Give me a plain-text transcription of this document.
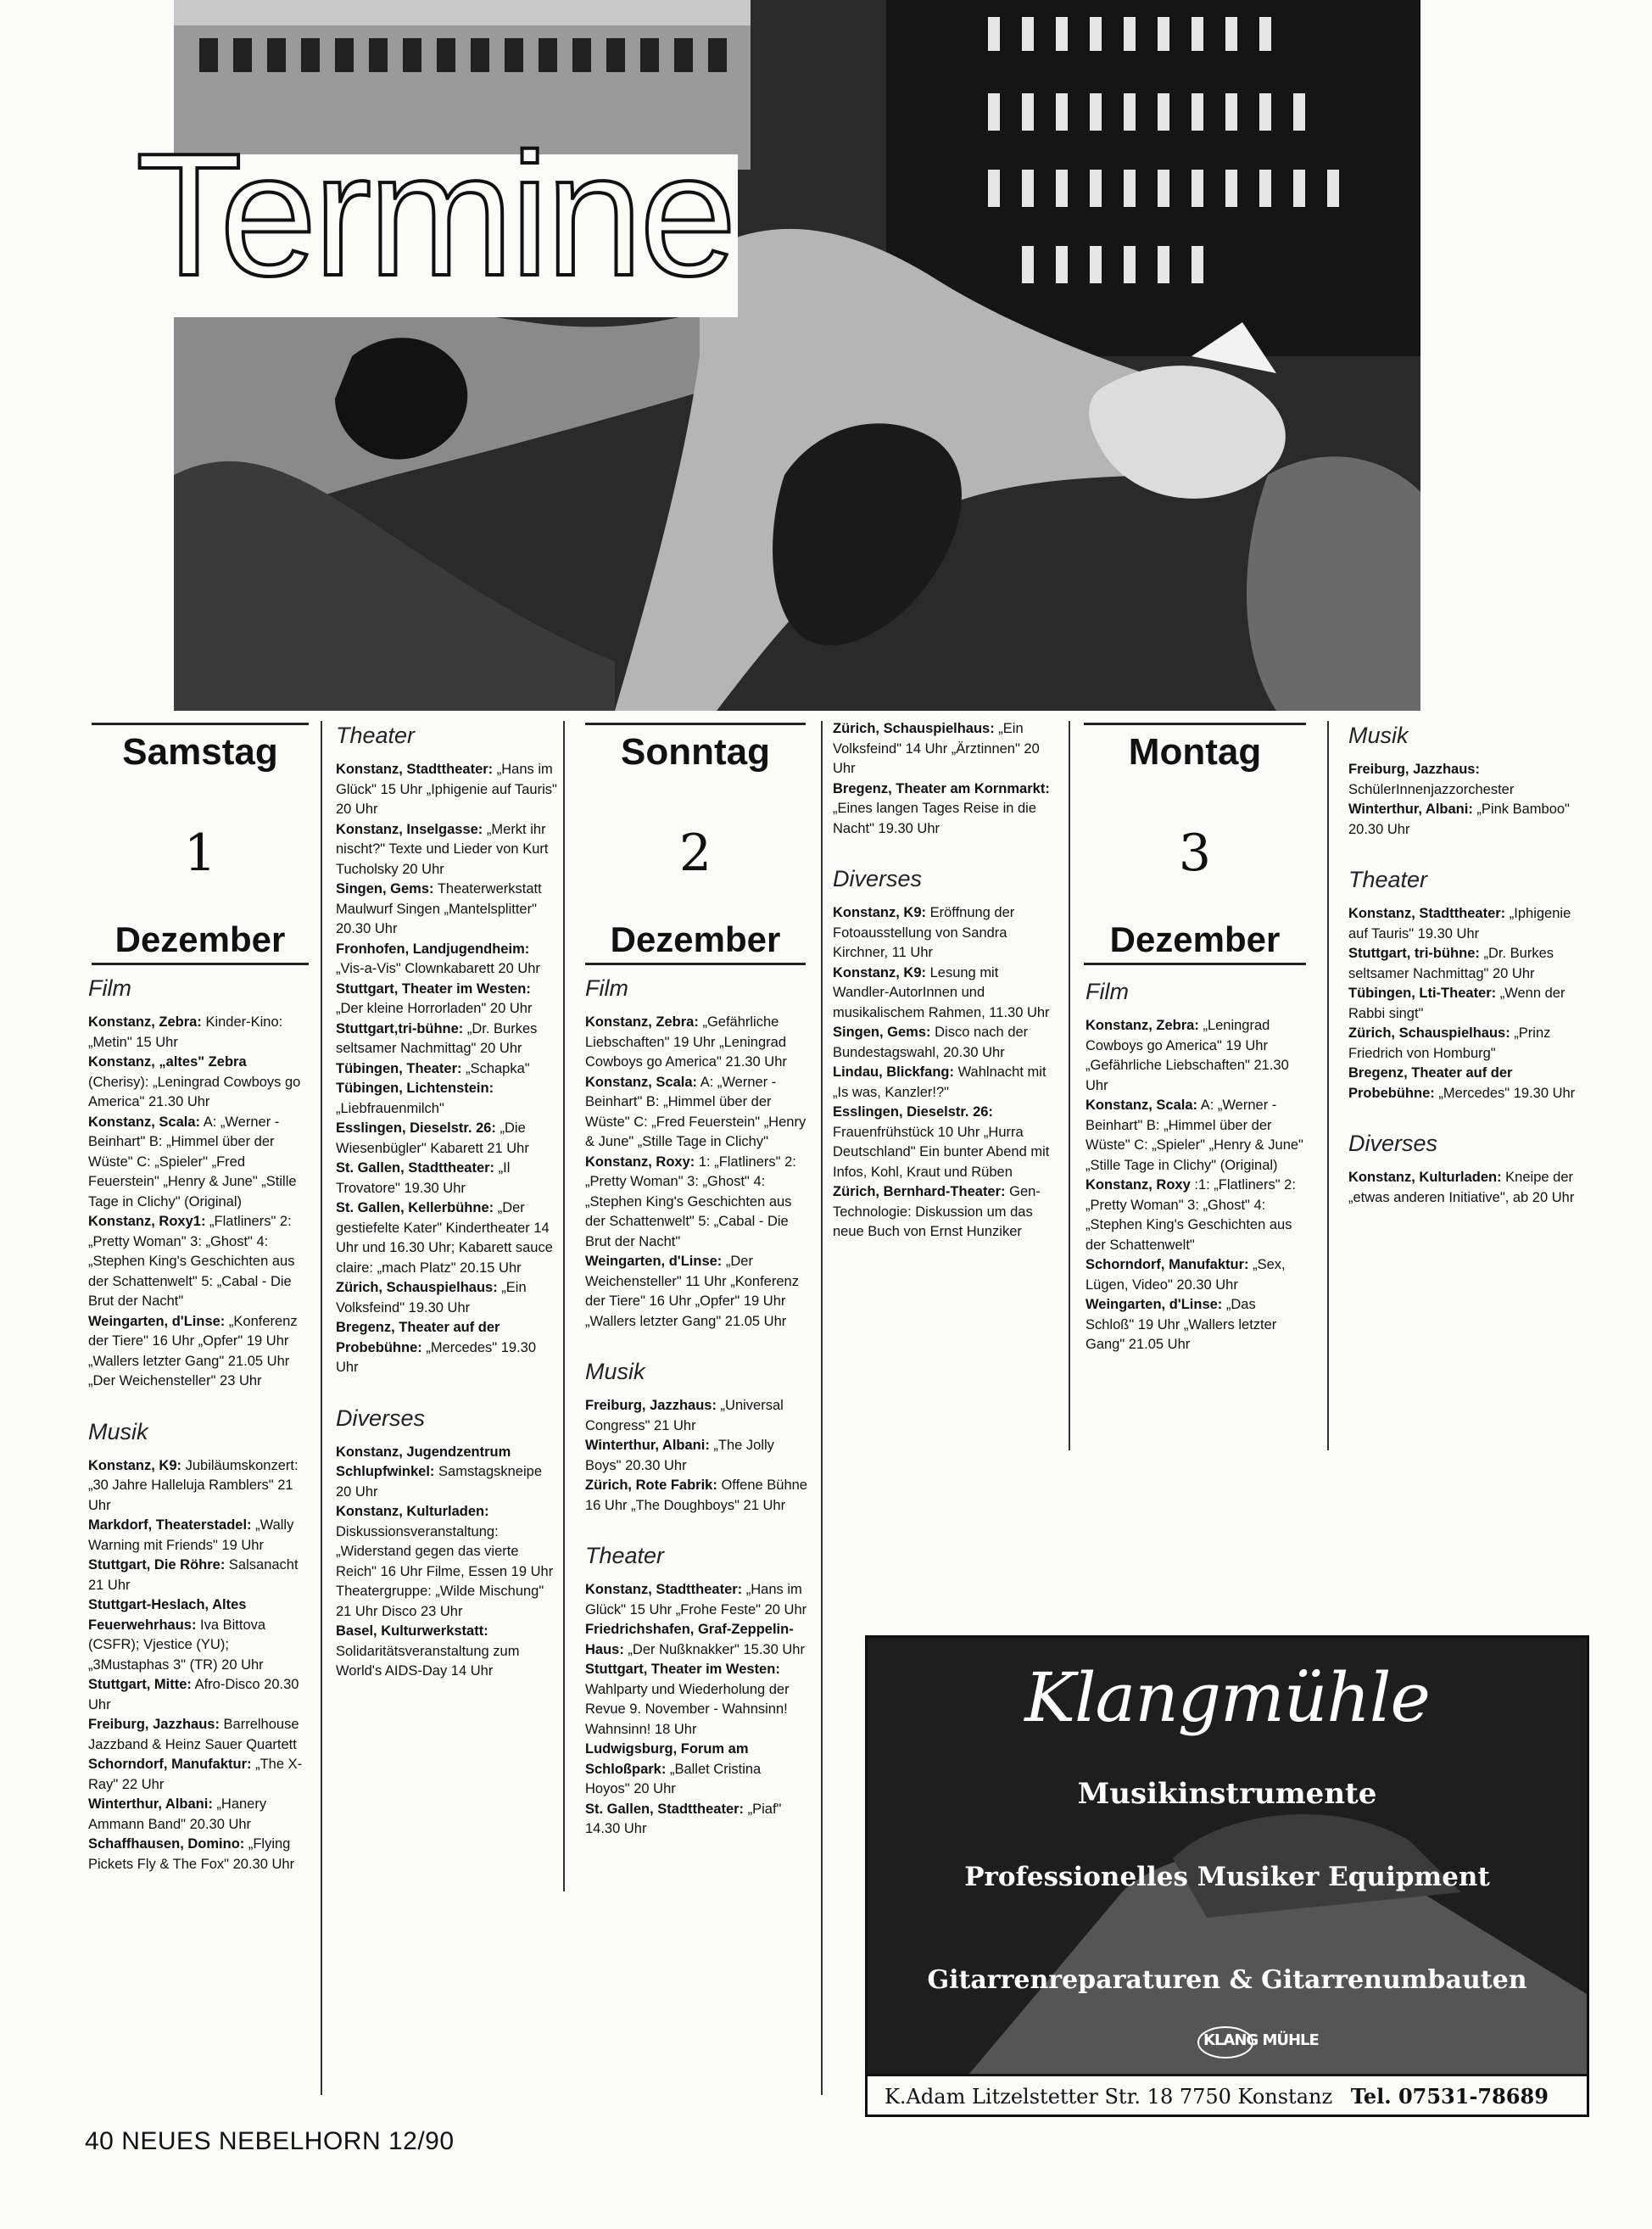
Termine
Samstag
1
Dezember
Sonntag
2
Dezember
Montag
3
Dezember
Film

Konstanz, Zebra: Kinder-Kino: „Metin" 15 Uhr

Konstanz, „altes" Zebra (Cherisy): „Leningrad Cowboys go America" 21.30 Uhr

Konstanz, Scala: A: „Werner - Beinhart" B: „Himmel über der Wüste" C: „Spieler" „Fred Feuerstein" „Henry & June" „Stille Tage in Clichy" (Original)

Konstanz, Roxy1: „Flatliners" 2: „Pretty Woman" 3: „Ghost" 4: „Stephen King's Geschichten aus der Schattenwelt" 5: „Cabal - Die Brut der Nacht"

Weingarten, d'Linse: „Konferenz der Tiere" 16 Uhr „Opfer" 19 Uhr „Wallers letzter Gang" 21.05 Uhr „Der Weichensteller" 23 Uhr

Musik

Konstanz, K9: Jubiläumskonzert: „30 Jahre Halleluja Ramblers" 21 Uhr

Markdorf, Theaterstadel: „Wally Warning mit Friends" 19 Uhr

Stuttgart, Die Röhre: Salsanacht 21 Uhr

Stuttgart-Heslach, Altes Feuerwehrhaus: Iva Bittova (CSFR); Vjestice (YU); „3Mustaphas 3" (TR) 20 Uhr

Stuttgart, Mitte: Afro-Disco 20.30 Uhr

Freiburg, Jazzhaus: Barrelhouse Jazzband & Heinz Sauer Quartett

Schorndorf, Manufaktur: „The X-Ray" 22 Uhr

Winterthur, Albani: „Hanery Ammann Band" 20.30 Uhr

Schaffhausen, Domino: „Flying Pickets Fly & The Fox" 20.30 Uhr

Theater

Konstanz, Stadttheater: „Hans im Glück" 15 Uhr „Iphigenie auf Tauris" 20 Uhr

Konstanz, Inselgasse: „Merkt ihr nischt?" Texte und Lieder von Kurt Tucholsky 20 Uhr

Singen, Gems: Theaterwerkstatt Maulwurf Singen „Mantelsplitter" 20.30 Uhr

Fronhofen, Landjugendheim: „Vis-a-Vis" Clownkabarett 20 Uhr

Stuttgart, Theater im Westen: „Der kleine Horrorladen" 20 Uhr

Stuttgart,tri-bühne: „Dr. Burkes seltsamer Nachmittag" 20 Uhr

Tübingen, Theater: „Schapka"

Tübingen, Lichtenstein: „Liebfrauenmilch"

Esslingen, Dieselstr. 26: „Die Wiesenbügler" Kabarett 21 Uhr

St. Gallen, Stadttheater: „Il Trovatore" 19.30 Uhr

St. Gallen, Kellerbühne: „Der gestiefelte Kater" Kindertheater 14 Uhr und 16.30 Uhr; Kabarett sauce claire: „mach Platz" 20.15 Uhr

Zürich, Schauspielhaus: „Ein Volksfeind" 19.30 Uhr

Bregenz, Theater auf der Probebühne: „Mercedes" 19.30 Uhr

Diverses

Konstanz, Jugendzentrum Schlupfwinkel: Samstagskneipe 20 Uhr

Konstanz, Kulturladen: Diskussionsveranstaltung: „Widerstand gegen das vierte Reich" 16 Uhr Filme, Essen 19 Uhr Theatergruppe: „Wilde Mischung" 21 Uhr Disco 23 Uhr

Basel, Kulturwerkstatt: Solidaritätsveranstaltung zum World's AIDS-Day 14 Uhr

Film

Konstanz, Zebra: „Gefährliche Liebschaften" 19 Uhr „Leningrad Cowboys go America" 21.30 Uhr

Konstanz, Scala: A: „Werner - Beinhart" B: „Himmel über der Wüste" C: „Fred Feuerstein" „Henry & June" „Stille Tage in Clichy"

Konstanz, Roxy: 1: „Flatliners" 2: „Pretty Woman" 3: „Ghost" 4: „Stephen King's Geschichten aus der Schattenwelt" 5: „Cabal - Die Brut der Nacht"

Weingarten, d'Linse: „Der Weichensteller" 11 Uhr „Konferenz der Tiere" 16 Uhr „Opfer" 19 Uhr „Wallers letzter Gang" 21.05 Uhr

Musik

Freiburg, Jazzhaus: „Universal Congress" 21 Uhr

Winterthur, Albani: „The Jolly Boys" 20.30 Uhr

Zürich, Rote Fabrik: Offene Bühne 16 Uhr „The Doughboys" 21 Uhr

Theater

Konstanz, Stadttheater: „Hans im Glück" 15 Uhr „Frohe Feste" 20 Uhr

Friedrichshafen, Graf-Zeppelin-Haus: „Der Nußknakker" 15.30 Uhr

Stuttgart, Theater im Westen: Wahlparty und Wiederholung der Revue 9. November - Wahnsinn! Wahnsinn! 18 Uhr

Ludwigsburg, Forum am Schloßpark: „Ballet Cristina Hoyos" 20 Uhr

St. Gallen, Stadttheater: „Piaf" 14.30 Uhr

Zürich, Schauspielhaus: „Ein Volksfeind" 14 Uhr „Ärztinnen" 20 Uhr

Bregenz, Theater am Kornmarkt: „Eines langen Tages Reise in die Nacht" 19.30 Uhr

Diverses

Konstanz, K9: Eröffnung der Fotoausstellung von Sandra Kirchner, 11 Uhr

Konstanz, K9: Lesung mit Wandler-AutorInnen und musikalischem Rahmen, 11.30 Uhr

Singen, Gems: Disco nach der Bundestagswahl, 20.30 Uhr

Lindau, Blickfang: Wahlnacht mit „Is was, Kanzler!?"

Esslingen, Dieselstr. 26: Frauenfrühstück 10 Uhr „Hurra Deutschland" Ein bunter Abend mit Infos, Kohl, Kraut und Rüben

Zürich, Bernhard-Theater: Gen-Technologie: Diskussion um das neue Buch von Ernst Hunziker

Film

Konstanz, Zebra: „Leningrad Cowboys go America" 19 Uhr „Gefährliche Liebschaften" 21.30 Uhr

Konstanz, Scala: A: „Werner - Beinhart" B: „Himmel über der Wüste" C: „Spieler" „Henry & June" „Stille Tage in Clichy" (Original)

Konstanz, Roxy :1: „Flatliners" 2: „Pretty Woman" 3: „Ghost" 4: „Stephen King's Geschichten aus der Schattenwelt"

Schorndorf, Manufaktur: „Sex, Lügen, Video" 20.30 Uhr

Weingarten, d'Linse: „Das Schloß" 19 Uhr „Wallers letzter Gang" 21.05 Uhr

Musik

Freiburg, Jazzhaus: SchülerInnenjazzorchester

Winterthur, Albani: „Pink Bamboo" 20.30 Uhr

Theater

Konstanz, Stadttheater: „Iphigenie auf Tauris" 19.30 Uhr

Stuttgart, tri-bühne: „Dr. Burkes seltsamer Nachmittag" 20 Uhr

Tübingen, Lti-Theater: „Wenn der Rabbi singt"

Zürich, Schauspielhaus: „Prinz Friedrich von Homburg"

Bregenz, Theater auf der Probebühne: „Mercedes" 19.30 Uhr

Diverses

Konstanz, Kulturladen: Kneipe der „etwas anderen Initiative", ab 20 Uhr

Klangmühle
Musikinstrumente
Professionelles Musiker Equipment
Gitarrenreparaturen & Gitarrenumbauten
KLANG MÜHLE
K.Adam Litzelstetter Str. 18 7750 Konstanz Tel. 07531-78689
40 NEUES NEBELHORN 12/90
